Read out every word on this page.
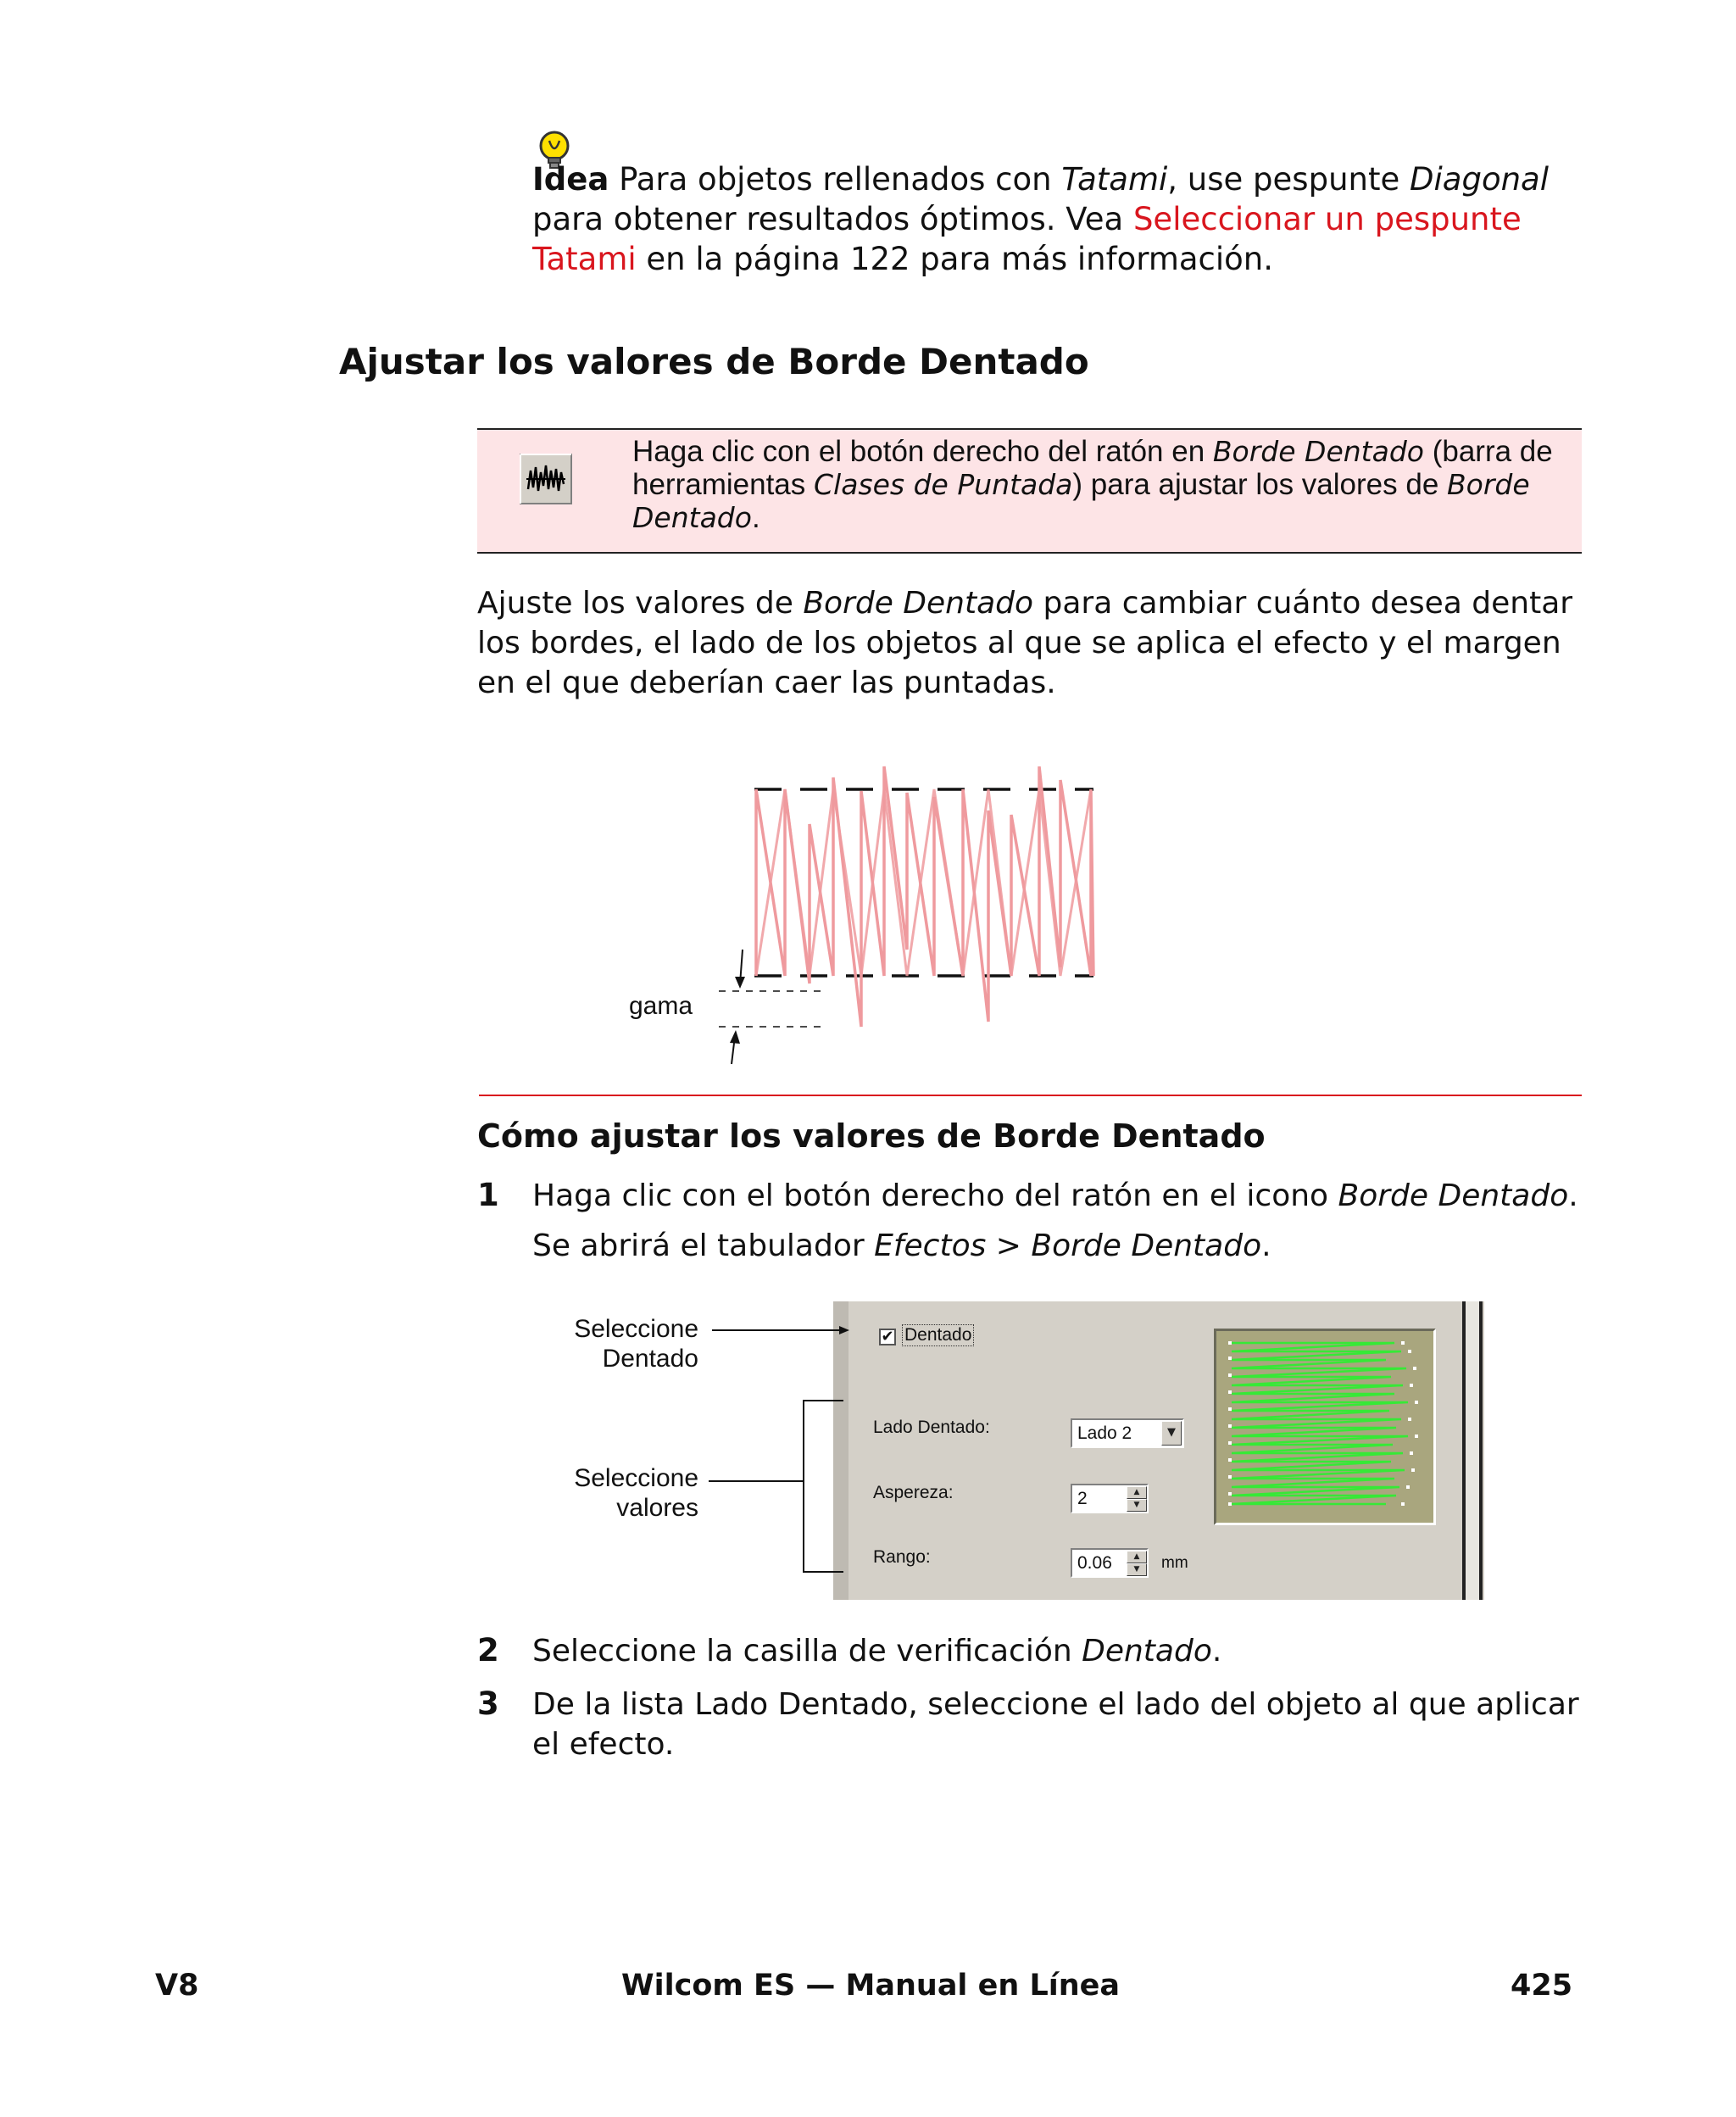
Idea Para objetos rellenados con Tatami, use pespunte Diagonal para obtener resultados óptimos. Vea Seleccionar un pespunte Tatami en la página 122 para más información.
Ajustar los valores de Borde Dentado
Haga clic con el botón derecho del ratón en Borde Dentado (barra de herramientas Clases de Puntada) para ajustar los valores de Borde Dentado.
Ajuste los valores de Borde Dentado para cambiar cuánto desea dentar los bordes, el lado de los objetos al que se aplica el efecto y el margen en el que deberían caer las puntadas.
gama
Cómo ajustar los valores de Borde Dentado
1 Haga clic con el botón derecho del ratón en el icono Borde Dentado.
Se abrirá el tabulador Efectos > Borde Dentado.
Seleccione
Dentado
Seleccione
valores
✔ Dentado
Lado Dentado:	Lado 2	▼
Aspereza:	2	▲
▼
Rango:	0.06	▲
▼	mm
2 Seleccione la casilla de verificación Dentado.
3 De la lista Lado Dentado, seleccione el lado del objeto al que aplicar el efecto.
V8	Wilcom ES — Manual en Línea	425
